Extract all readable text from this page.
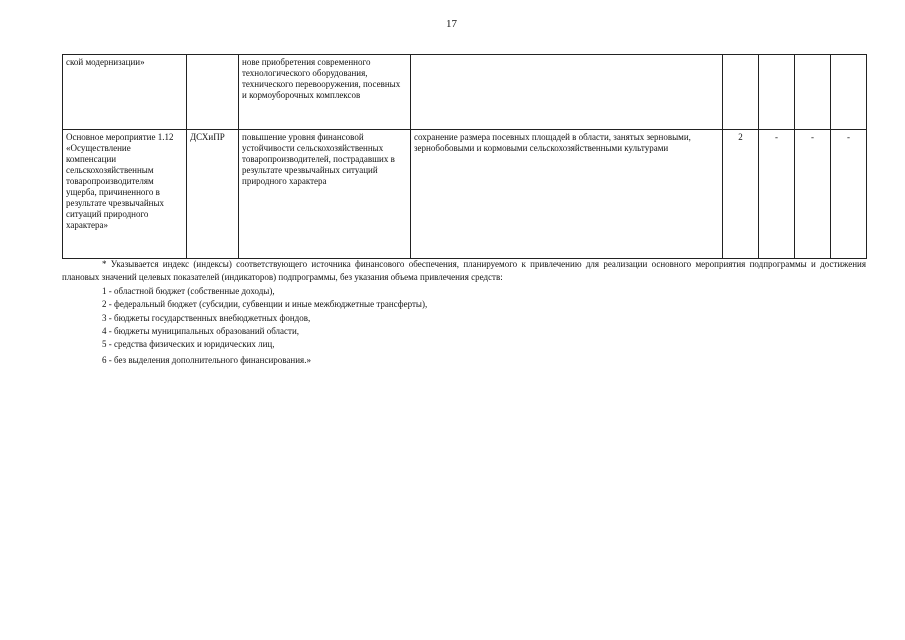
17
ской модернизации»		нове приобретения современного технологического оборудования, технического перевооружения, посевных и кормоуборочных комплексов					
Основное мероприятие 1.12 «Осуществление компенсации сельскохозяйственным товаропроизводителям ущерба, причиненного в результате чрезвычайных ситуаций природного характера»	ДСХиПР	повышение уровня финансовой устойчивости сельскохозяйственных товаропроизводителей, пострадавших в результате чрезвычайных ситуаций природного характера	сохранение размера посевных площадей в области, занятых зерновыми, зернобобовыми и кормовыми сельскохозяйственными культурами	2	-	-	-
* Указывается индекс (индексы) соответствующего источника финансового обеспечения, планируемого к привлечению для реализации основного мероприятия подпрограммы и достижения плановых значений целевых показателей (индикаторов) подпрограммы, без указания объема привлечения средств:
1 - областной бюджет (собственные доходы),
2 - федеральный бюджет (субсидии, субвенции и иные межбюджетные трансферты),
3 - бюджеты государственных внебюджетных фондов,
4 - бюджеты муниципальных образований области,
5 - средства физических и юридических лиц,
6 - без выделения дополнительного финансирования.»
